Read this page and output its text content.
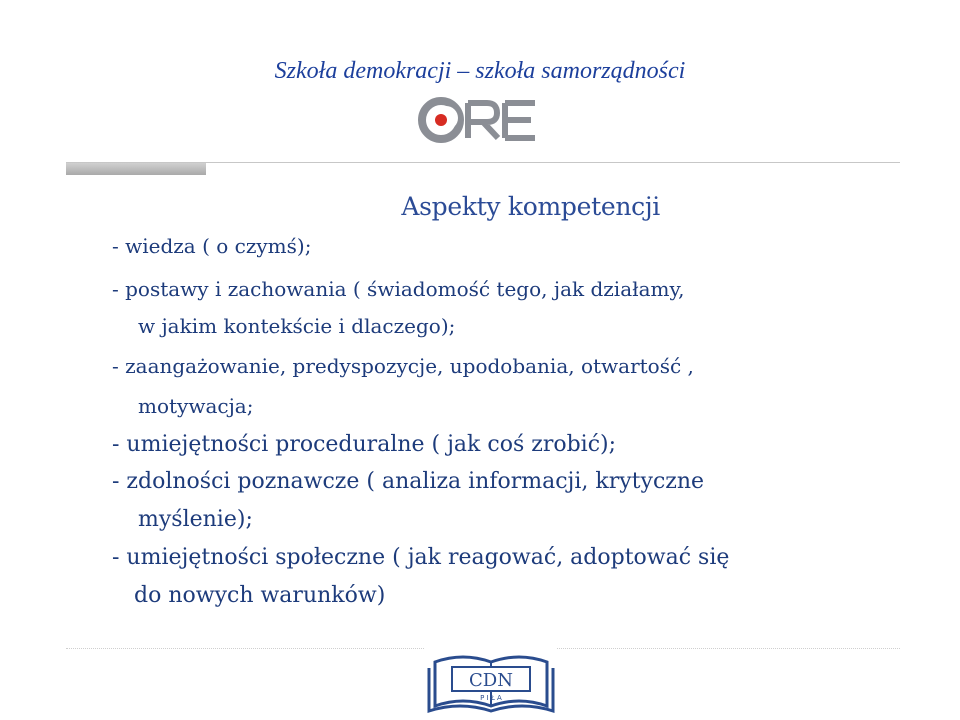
Szkoła demokracji – szkoła samorządności
Aspekty kompetencji
- wiedza ( o czymś);
- postawy i zachowania ( świadomość tego, jak działamy,
w jakim kontekście i dlaczego);
- zaangażowanie, predyspozycje, upodobania, otwartość ,
motywacja;
- umiejętności proceduralne ( jak coś zrobić);
- zdolności poznawcze ( analiza informacji, krytyczne
myślenie);
- umiejętności społeczne ( jak reagować, adoptować się
do nowych warunków)
CDN
P I Ł A
